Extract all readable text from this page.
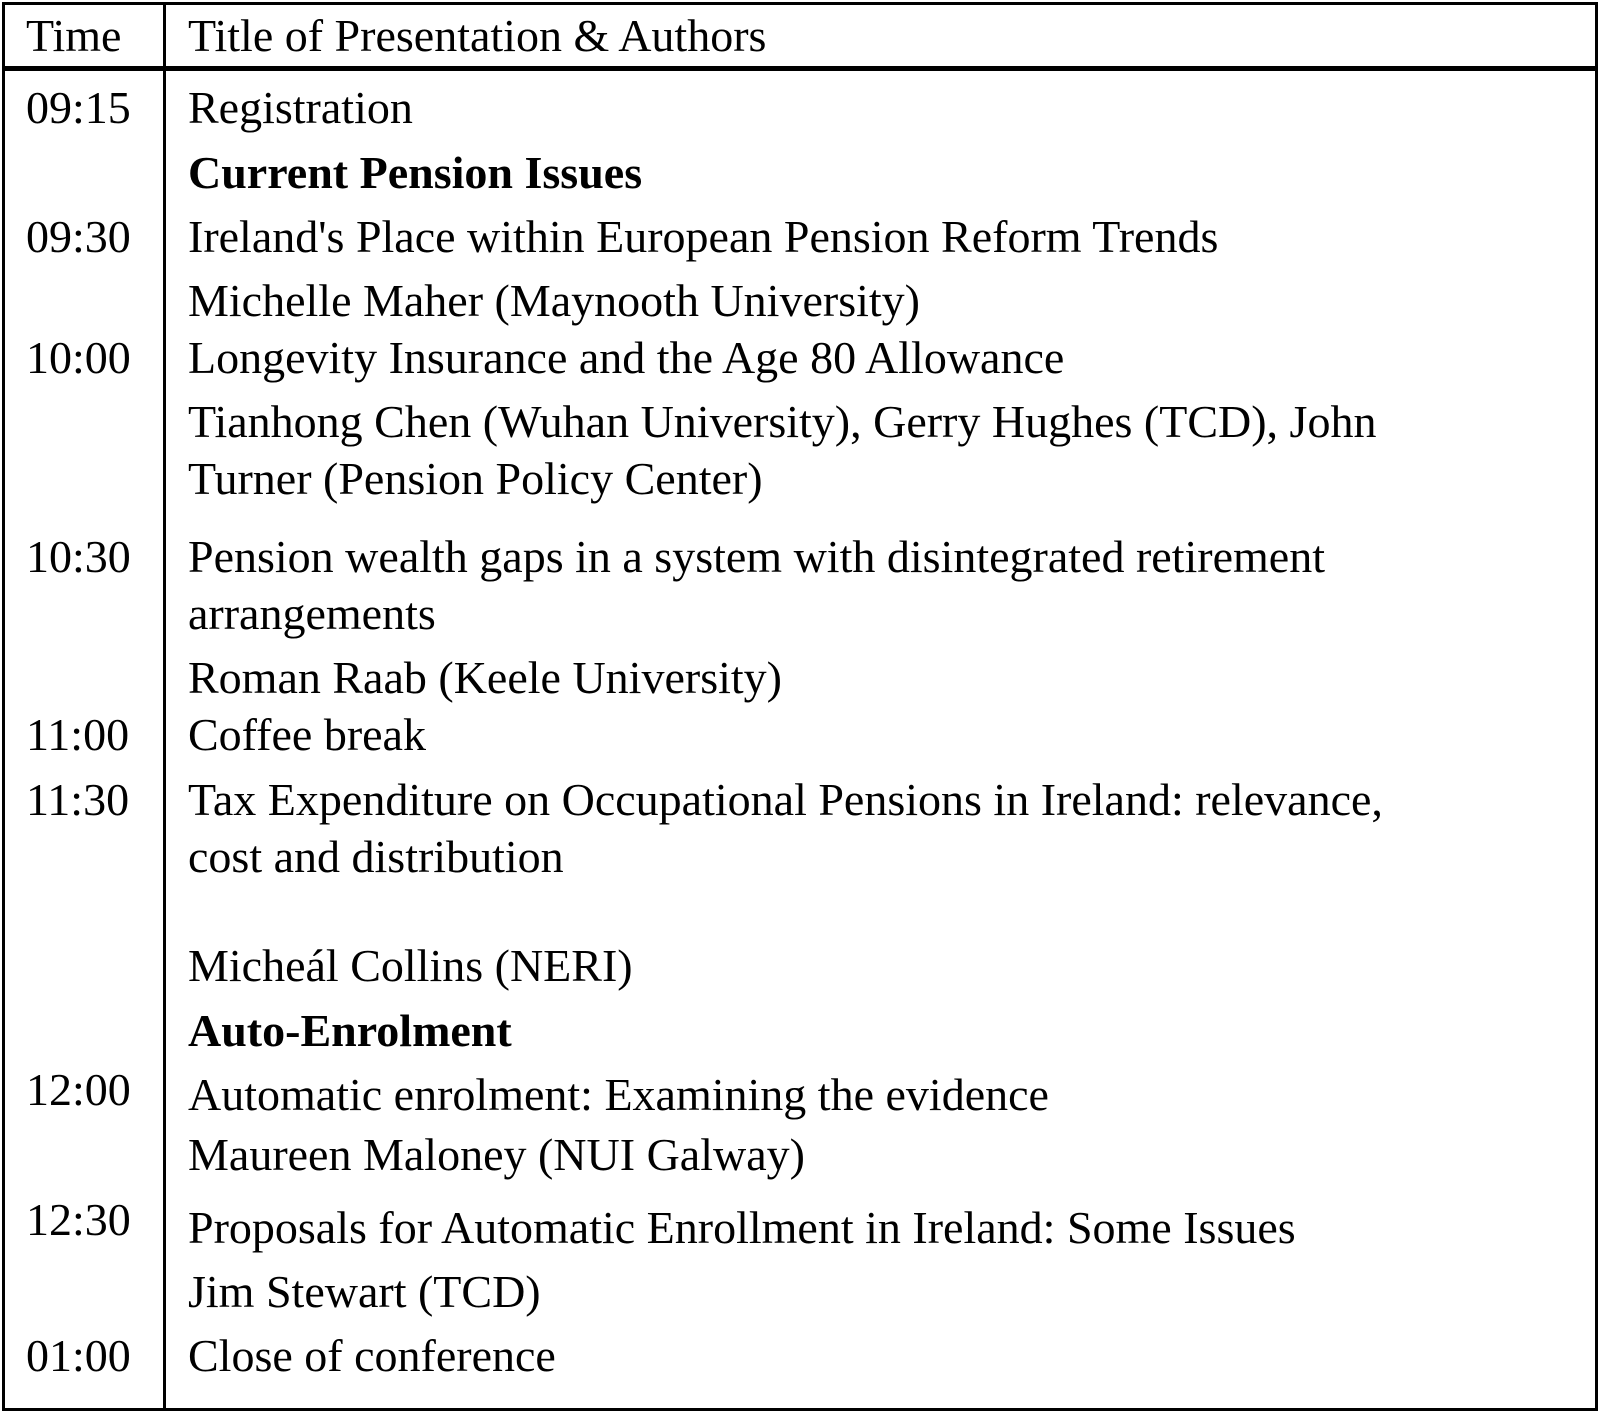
Time Title of Presentation & Authors
09:15 Registration
Current Pension Issues
09:30 Ireland's Place within European Pension Reform Trends
Michelle Maher (Maynooth University)
10:00 Longevity Insurance and the Age 80 Allowance
Tianhong Chen (Wuhan University), Gerry Hughes (TCD), John
Turner (Pension Policy Center)
10:30 Pension wealth gaps in a system with disintegrated retirement
arrangements
Roman Raab (Keele University)
11:00 Coffee break
11:30 Tax Expenditure on Occupational Pensions in Ireland: relevance,
cost and distribution
Micheál Collins (NERI)
Auto-Enrolment
12:00 Automatic enrolment: Examining the evidence
Maureen Maloney (NUI Galway)
12:30 Proposals for Automatic Enrollment in Ireland: Some Issues
Jim Stewart (TCD)
01:00 Close of conference
